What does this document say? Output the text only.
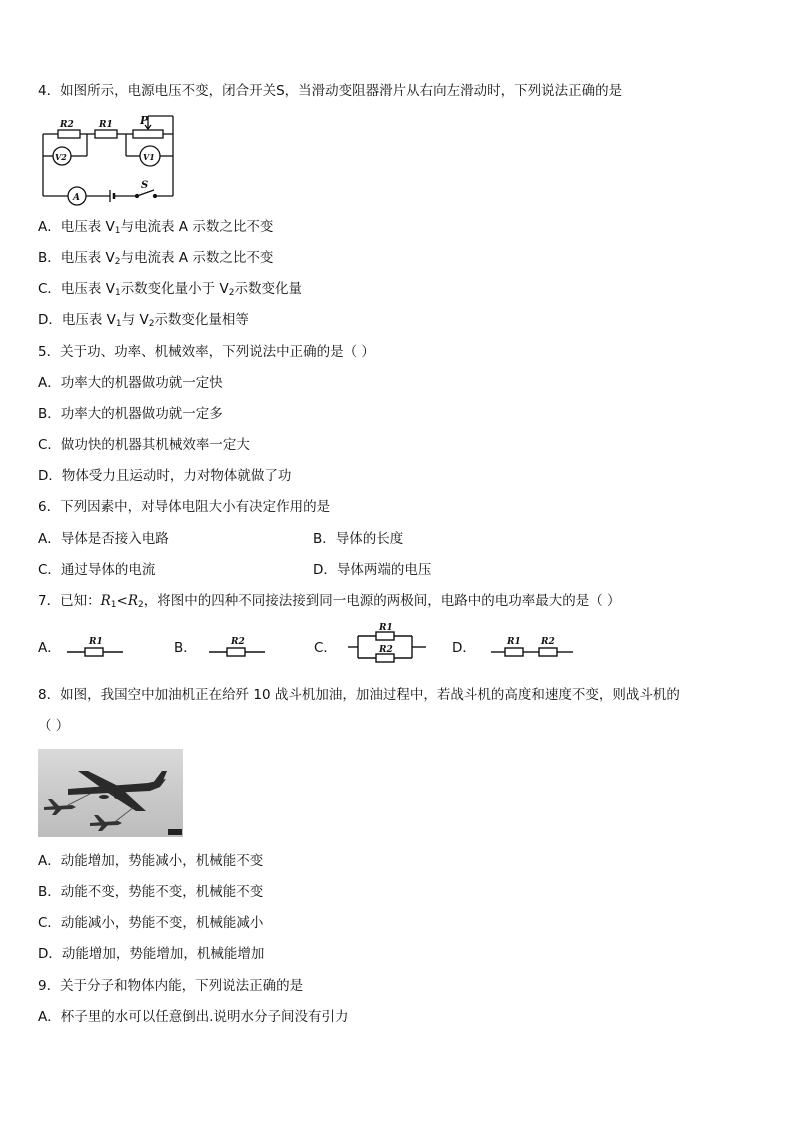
4．如图所示，电源电压不变，闭合开关S，当滑动变阻器滑片从右向左滑动时，下列说法正确的是
R2	R1 P
V2	V1
A
S
A．电压表 $V_1$与电流表 A 示数之比不变
B．电压表 $V_2$与电流表 A 示数之比不变
C．电压表 $V_1$示数变化量小于 $V_2$示数变化量
D．电压表 $V_1$与 $V_2$示数变化量相等
5．关于功、功率、机械效率，下列说法中正确的是（ ）
A．功率大的机器做功就一定快
B．功率大的机器做功就一定多
C．做功快的机器其机械效率一定大
D．物体受力且运动时，力对物体就做了功
6．下列因素中，对导体电阻大小有决定作用的是
A．导体是否接入电路	B．导体的长度
C．通过导体的电流	D．导体两端的电压
7．已知：$R_1<R_2$，将图中的四种不同接法接到同一电源的两极间，电路中的电功率最大的是（ ）
A．	R1	B．	R2	C．
R1
R2	D．	R1 R2
8．如图，我国空中加油机正在给歼 10 战斗机加油，加油过程中，若战斗机的高度和速度不变，则战斗机的
（ ）
A．动能增加，势能减小，机械能不变
B．动能不变，势能不变，机械能不变
C．动能减小，势能不变，机械能减小
D．动能增加，势能增加，机械能增加
9．关于分子和物体内能，下列说法正确的是
A．杯子里的水可以任意倒出.说明水分子间没有引力
